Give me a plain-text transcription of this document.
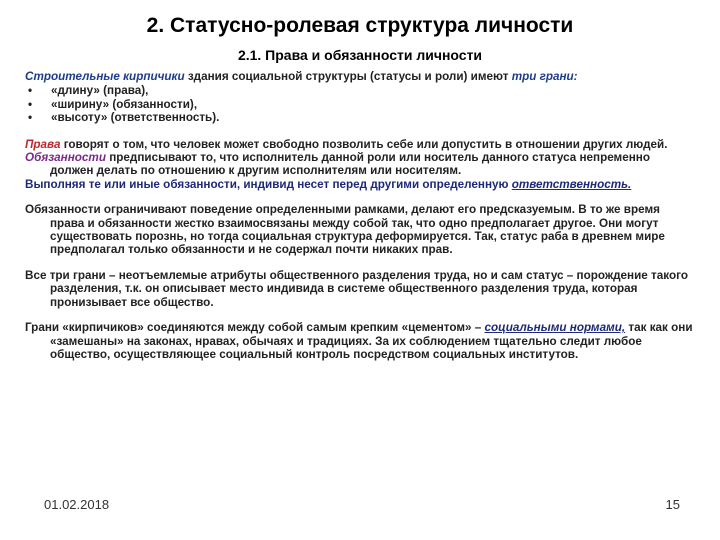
2. Статусно-ролевая структура личности
2.1. Права и обязанности личности

Строительные кирпичики здания социальной структуры (статусы и роли) имеют три грани:

• «длину» (права),
• «ширину» (обязанности),
• «высоту» (ответственность).

Права говорят о том, что человек может свободно позволить себе или допустить в отношении других людей.

Обязанности предписывают то, что исполнитель данной роли или носитель данного статуса непременно должен делать по отношению к другим исполнителям или носителям.

Выполняя те или иные обязанности, индивид несет перед другими определенную ответственность.

Обязанности ограничивают поведение определенными рамками, делают его предсказуемым. В то же время права и обязанности жестко взаимосвязаны между собой так, что одно предполагает другое. Они могут существовать порознь, но тогда социальная структура деформируется. Так, статус раба в древнем мире предполагал только обязанности и не содержал почти никаких прав.

Все три грани – неотъемлемые атрибуты общественного разделения труда, но и сам статус – порождение такого разделения, т.к. он описывает место индивида в системе общественного разделения труда, которая пронизывает все общество.

Грани «кирпичиков» соединяются между собой самым крепким «цементом» – социальными нормами, так как они «замешаны» на законах, нравах, обычаях и традициях. За их соблюдением тщательно следит любое общество, осуществляющее социальный контроль посредством социальных институтов.

01.02.2018	15
